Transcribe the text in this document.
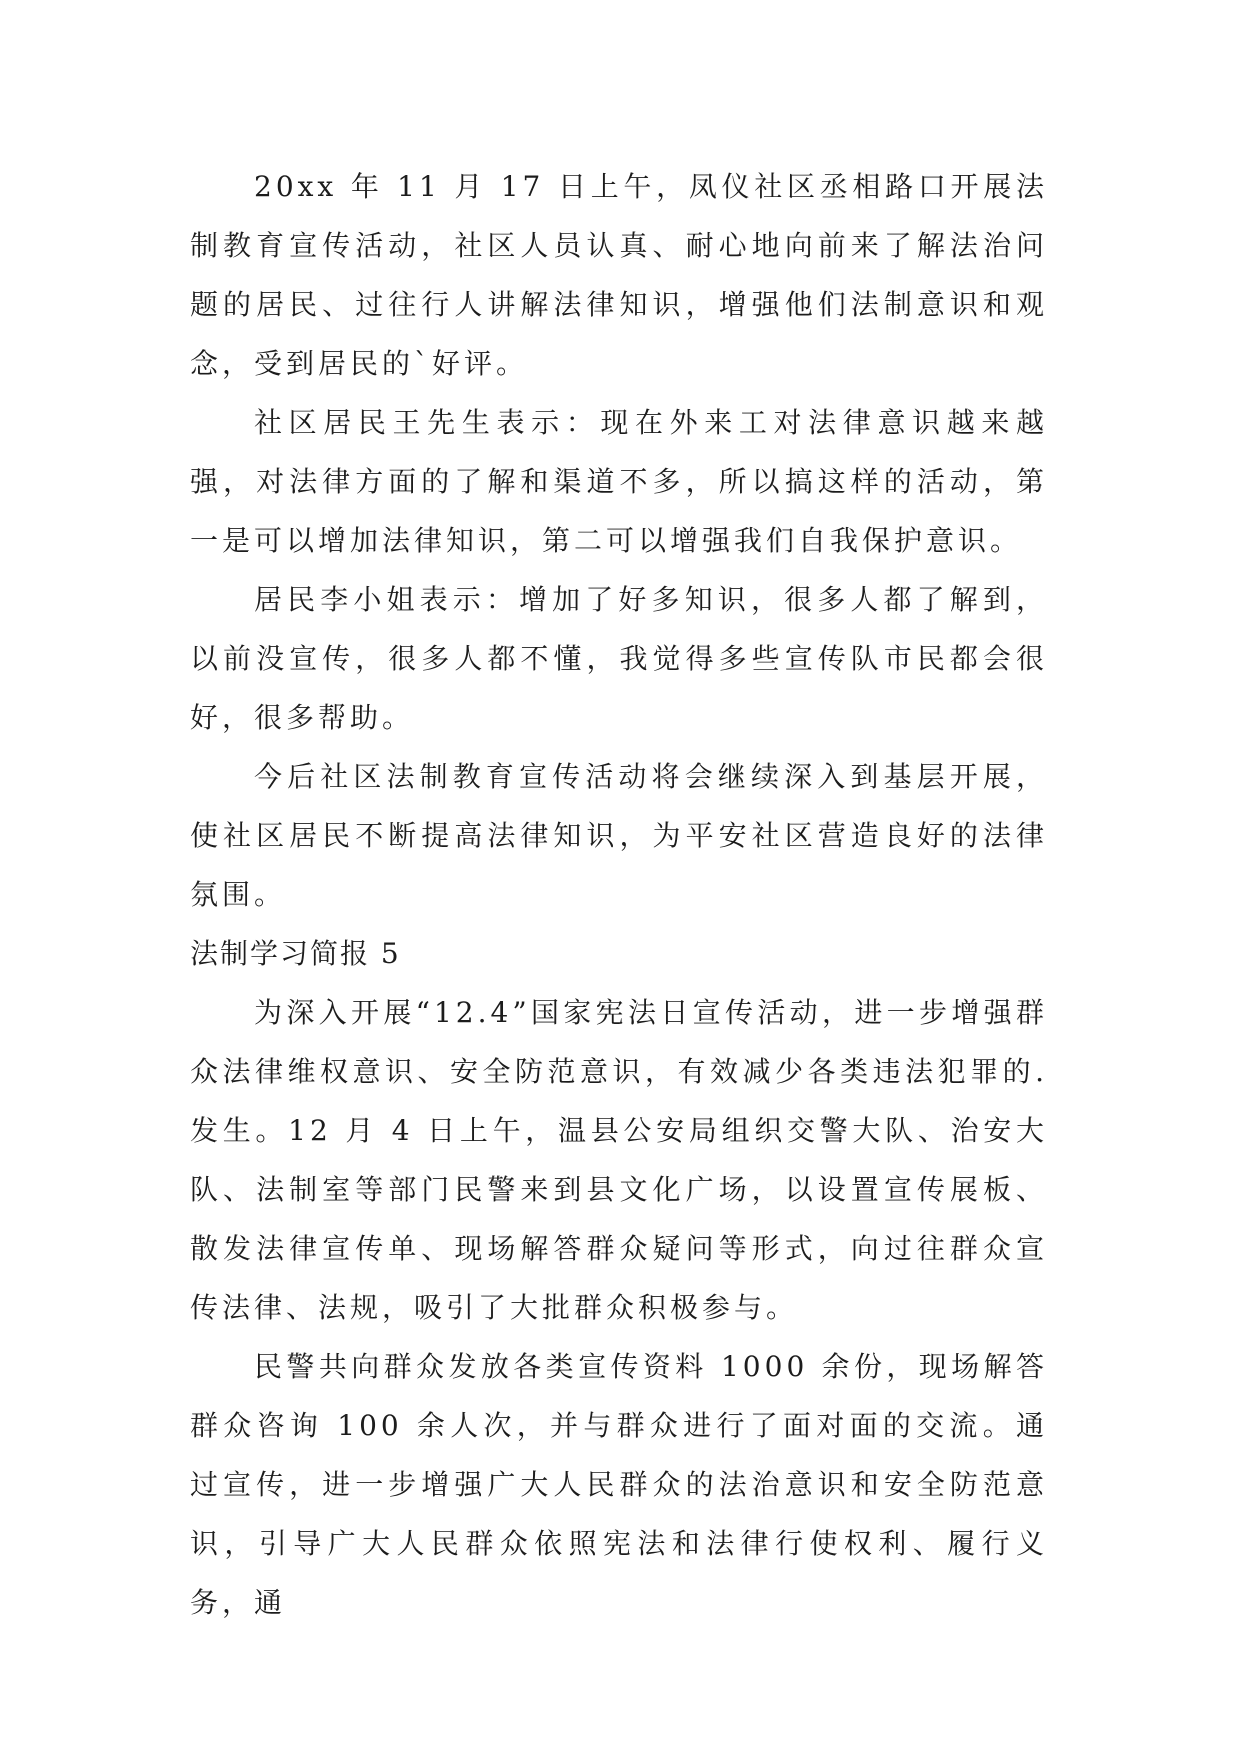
20xx 年 11 月 17 日上午，凤仪社区丞相路口开展法制教育宣传活动，社区人员认真、耐心地向前来了解法治问题的居民、过往行人讲解法律知识，增强他们法制意识和观念，受到居民的`好评。

社区居民王先生表示：现在外来工对法律意识越来越强，对法律方面的了解和渠道不多，所以搞这样的活动，第一是可以增加法律知识，第二可以增强我们自我保护意识。

居民李小姐表示：增加了好多知识，很多人都了解到，以前没宣传，很多人都不懂，我觉得多些宣传队市民都会很好，很多帮助。

今后社区法制教育宣传活动将会继续深入到基层开展，使社区居民不断提高法律知识，为平安社区营造良好的法律氛围。

法制学习简报 5

为深入开展“12.4”国家宪法日宣传活动，进一步增强群众法律维权意识、安全防范意识，有效减少各类违法犯罪的.发生。12 月 4 日上午，温县公安局组织交警大队、治安大队、法制室等部门民警来到县文化广场，以设置宣传展板、散发法律宣传单、现场解答群众疑问等形式，向过往群众宣传法律、法规，吸引了大批群众积极参与。

民警共向群众发放各类宣传资料 1000 余份，现场解答群众咨询 100 余人次，并与群众进行了面对面的交流。通过宣传，进一步增强广大人民群众的法治意识和安全防范意识，引导广大人民群众依照宪法和法律行使权利、履行义务，通
